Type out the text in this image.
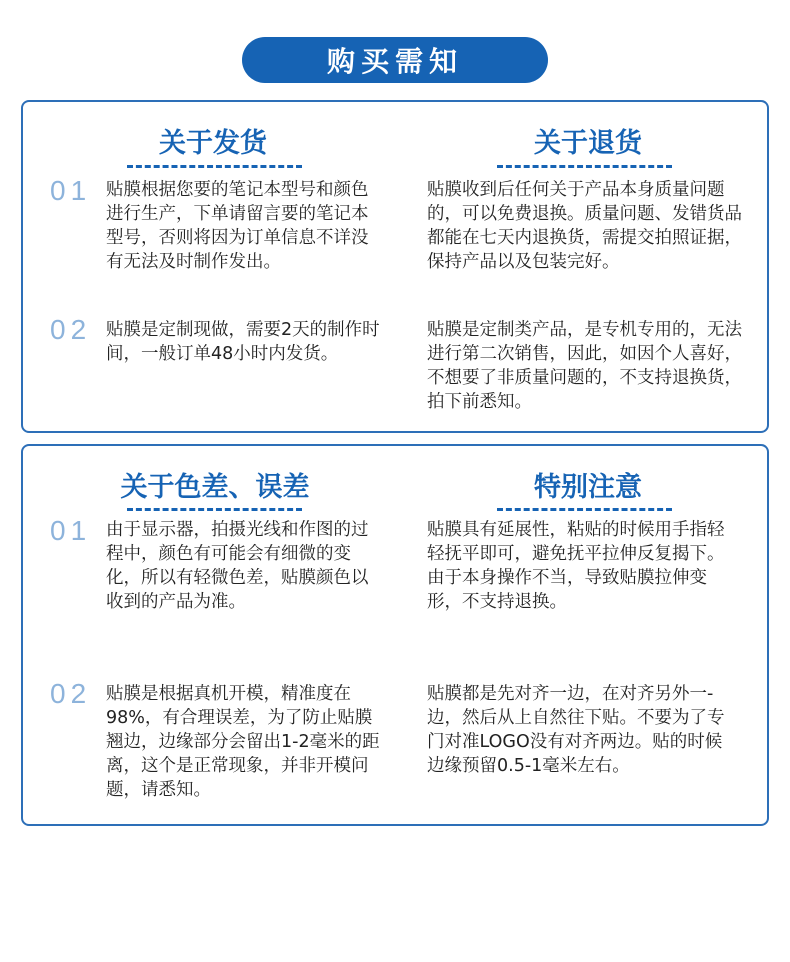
购买需知
关于发货
01 贴膜根据您要的笔记本型号和颜色进行生产，下单请留言要的笔记本型号，否则将因为订单信息不详没有无法及时制作发出。
02 贴膜是定制现做，需要2天的制作时间，一般订单48小时内发货。
关于退货
贴膜收到后任何关于产品本身质量问题的，可以免费退换。质量问题、发错货品都能在七天内退换货，需提交拍照证据，保持产品以及包装完好。
贴膜是定制类产品，是专机专用的，无法进行第二次销售，因此，如因个人喜好，不想要了非质量问题的，不支持退换货，拍下前悉知。
关于色差、误差
01 由于显示器，拍摄光线和作图的过程中，颜色有可能会有细微的变化，所以有轻微色差，贴膜颜色以收到的产品为准。
02 贴膜是根据真机开模，精准度在98%，有合理误差，为了防止贴膜翘边，边缘部分会留出1-2毫米的距离，这个是正常现象，并非开模问题，请悉知。
特别注意
贴膜具有延展性，粘贴的时候用手指轻轻抚平即可，避免抚平拉伸反复揭下。由于本身操作不当，导致贴膜拉伸变形，不支持退换。
贴膜都是先对齐一边，在对齐另外一-边，然后从上自然往下贴。不要为了专门对准LOGO没有对齐两边。贴的时候边缘预留0.5-1毫米左右。
